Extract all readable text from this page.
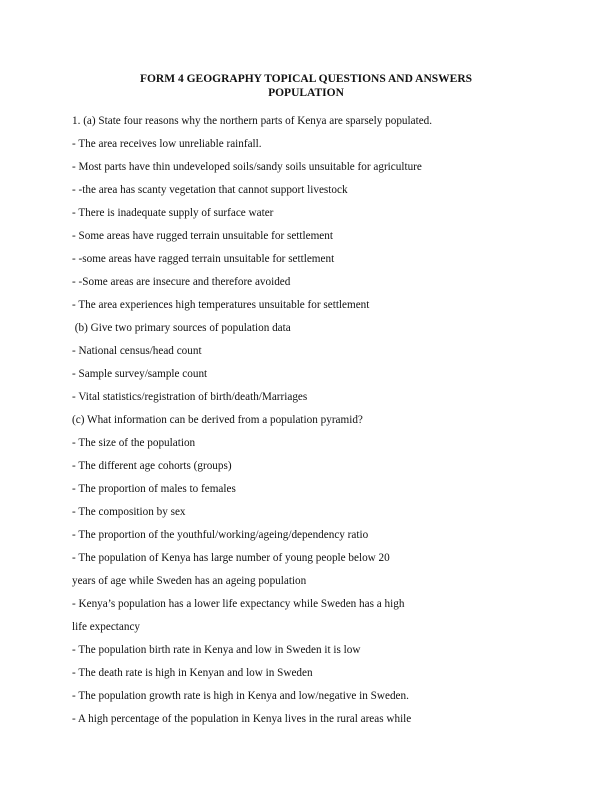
FORM 4 GEOGRAPHY TOPICAL QUESTIONS AND ANSWERS
POPULATION
1. (a) State four reasons why the northern parts of Kenya are sparsely populated.
- The area receives low unreliable rainfall.
- Most parts have thin undeveloped soils/sandy soils unsuitable for agriculture
- -the area has scanty vegetation that cannot support livestock
- There is inadequate supply of surface water
- Some areas have rugged terrain unsuitable for settlement
- -some areas have ragged terrain unsuitable for settlement
- -Some areas are insecure and therefore avoided
- The area experiences high temperatures unsuitable for settlement
(b) Give two primary sources of population data
- National census/head count
- Sample survey/sample count
- Vital statistics/registration of birth/death/Marriages
(c) What information can be derived from a population pyramid?
- The size of the population
- The different age cohorts (groups)
- The proportion of males to females
- The composition by sex
- The proportion of the youthful/working/ageing/dependency ratio
- The population of Kenya has large number of young people below 20
years of age while Sweden has an ageing population
- Kenya’s population has a lower life expectancy while Sweden has a high
life expectancy
- The population birth rate in Kenya and low in Sweden it is low
- The death rate is high in Kenyan and low in Sweden
- The population growth rate is high in Kenya and low/negative in Sweden.
- A high percentage of the population in Kenya lives in the rural areas while
